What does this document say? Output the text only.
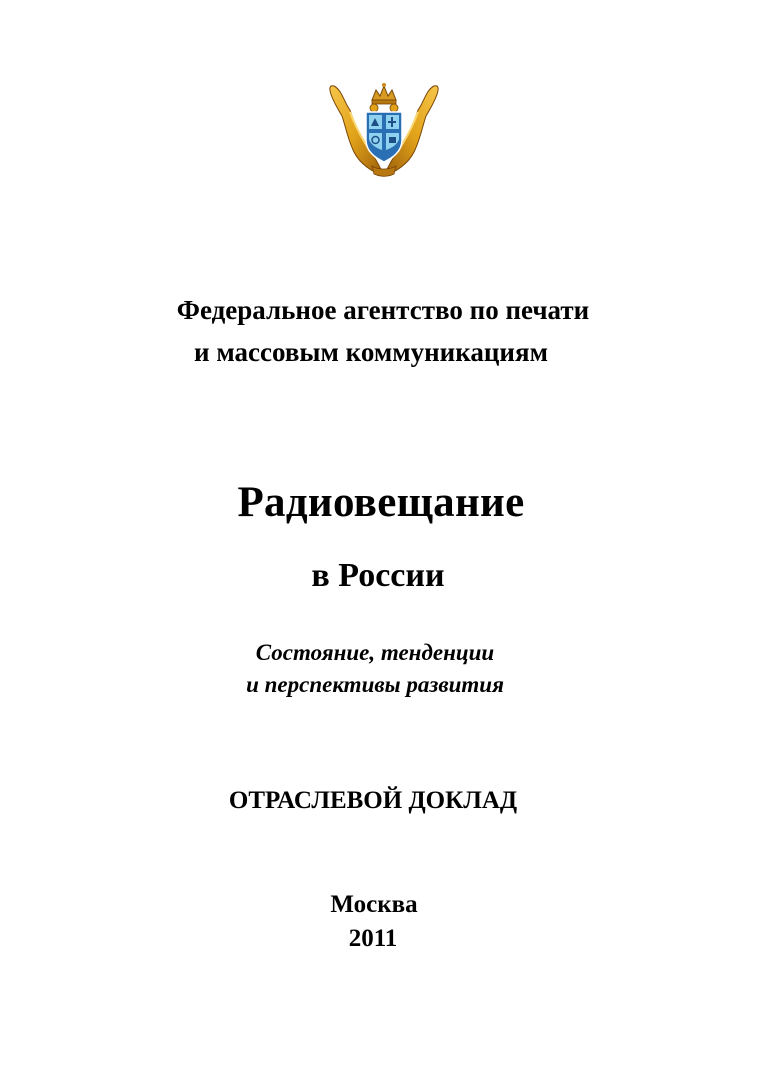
Федеральное агентство по печати
и массовым коммуникациям
Радиовещание
в России
Состояние, тенденции
и перспективы развития
ОТРАСЛЕВОЙ ДОКЛАД
Москва
2011
